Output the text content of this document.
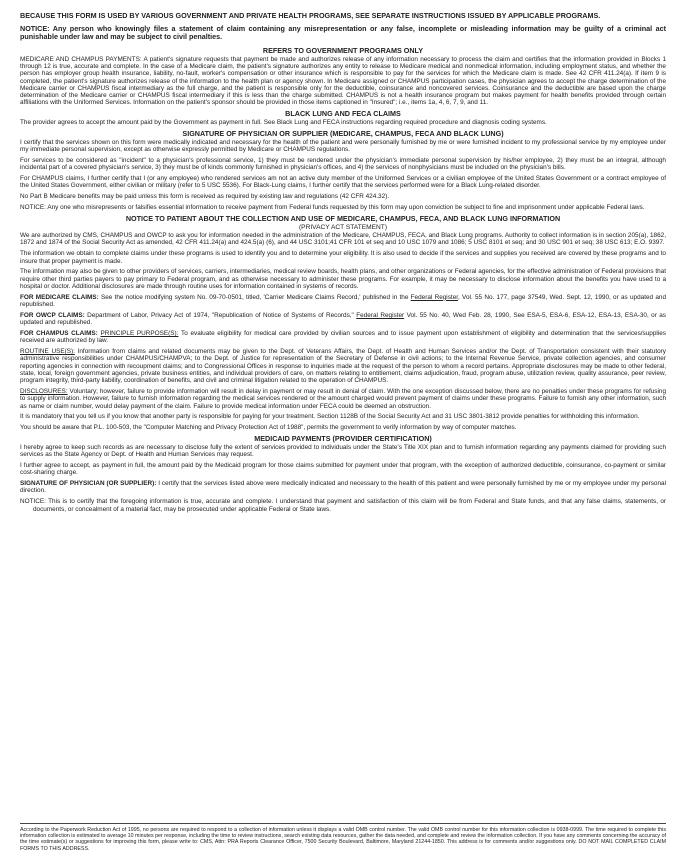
BECAUSE THIS FORM IS USED BY VARIOUS GOVERNMENT AND PRIVATE HEALTH PROGRAMS, SEE SEPARATE INSTRUCTIONS ISSUED BY APPLICABLE PROGRAMS.

NOTICE: Any person who knowingly files a statement of claim containing any misrepresentation or any false, incomplete or misleading information may be guilty of a criminal act punishable under law and may be subject to civil penalties.

REFERS TO GOVERNMENT PROGRAMS ONLY

MEDICARE AND CHAMPUS PAYMENTS: A patient's signature requests that payment be made and authorizes release of any information necessary to process the claim and certifies that the information provided in Blocks 1 through 12 is true, accurate and complete. In the case of a Medicare claim, the patient's signature authorizes any entity to release to Medicare medical and nonmedical information, including employment status, and whether the person has employer group health insurance, liability, no-fault, worker's compensation or other insurance which is responsible to pay for the services for which the Medicare claim is made. See 42 CFR 411.24(a). If item 9 is completed, the patient's signature authorizes release of the information to the health plan or agency shown. In Medicare assigned or CHAMPUS participation cases, the physician agrees to accept the charge determination of the Medicare carrier or CHAMPUS fiscal intermediary as the full charge, and the patient is responsible only for the deductible, coinsurance and noncovered services. Coinsurance and the deductible are based upon the charge determination of the Medicare carrier or CHAMPUS fiscal intermediary if this is less than the charge submitted. CHAMPUS is not a health insurance program but makes payment for health benefits provided through certain affiliations with the Uniformed Services. Information on the patient's sponsor should be provided in those items captioned in "Insured"; i.e., items 1a, 4, 6, 7, 9, and 11.

BLACK LUNG AND FECA CLAIMS

The provider agrees to accept the amount paid by the Government as payment in full. See Black Lung and FECA instructions regarding required procedure and diagnosis coding systems.

SIGNATURE OF PHYSICIAN OR SUPPLIER (MEDICARE, CHAMPUS, FECA AND BLACK LUNG)

I certify that the services shown on this form were medically indicated and necessary for the health of the patient and were personally furnished by me or were furnished incident to my professional service by my employee under my immediate personal supervision, except as otherwise expressly permitted by Medicare or CHAMPUS regulations.

For services to be considered as "incident" to a physician's professional service, 1) they must be rendered under the physician's immediate personal supervision by his/her employee, 2) they must be an integral, although incidental part of a covered physician's service, 3) they must be of kinds commonly furnished in physician's offices, and 4) the services of nonphysicians must be included on the physician's bills.

For CHAMPUS claims, I further certify that I (or any employee) who rendered services am not an active duty member of the Uniformed Services or a civilian employee of the United States Government or a contract employee of the United States Government, either civilian or military (refer to 5 USC 5536). For Black-Lung claims, I further certify that the services performed were for a Black Lung-related disorder.

No Part B Medicare benefits may be paid unless this form is received as required by existing law and regulations (42 CFR 424.32).

NOTICE: Any one who misrepresents or falsifies essential information to receive payment from Federal funds requested by this form may upon conviction be subject to fine and imprisonment under applicable Federal laws.

NOTICE TO PATIENT ABOUT THE COLLECTION AND USE OF MEDICARE, CHAMPUS, FECA, AND BLACK LUNG INFORMATION
(PRIVACY ACT STATEMENT)

We are authorized by CMS, CHAMPUS and OWCP to ask you for information needed in the administration of the Medicare, CHAMPUS, FECA, and Black Lung programs. Authority to collect information is in section 205(a), 1862, 1872 and 1874 of the Social Security Act as amended, 42 CFR 411.24(a) and 424.5(a) (6), and 44 USC 3101;41 CFR 101 et seq and 10 USC 1079 and 1086; 5 USC 8101 et seq; and 30 USC 901 et seq; 38 USC 613; E.O. 9397.

The information we obtain to complete claims under these programs is used to identify you and to determine your eligibility. It is also used to decide if the services and supplies you received are covered by these programs and to insure that proper payment is made.

The information may also be given to other providers of services, carriers, intermediaries, medical review boards, health plans, and other organizations or Federal agencies, for the effective administration of Federal provisions that require other third parties payers to pay primary to Federal program, and as otherwise necessary to administer these programs. For example, it may be necessary to disclose information about the benefits you have used to a hospital or doctor. Additional disclosures are made through routine uses for information contained in systems of records.

FOR MEDICARE CLAIMS: See the notice modifying system No. 09-70-0501, titled, 'Carrier Medicare Claims Record,' published in the Federal Register, Vol. 55 No. 177, page 37549, Wed. Sept. 12, 1990, or as updated and republished.

FOR OWCP CLAIMS: Department of Labor, Privacy Act of 1974, "Republication of Notice of Systems of Records," Federal Register Vol. 55 No. 40, Wed Feb. 28, 1990, See ESA-5, ESA-6, ESA-12, ESA-13, ESA-30, or as updated and republished.

FOR CHAMPUS CLAIMS: PRINCIPLE PURPOSE(S): To evaluate eligibility for medical care provided by civilian sources and to issue payment upon establishment of eligibility and determination that the services/supplies received are authorized by law.

ROUTINE USE(S): Information from claims and related documents may be given to the Dept. of Veterans Affairs, the Dept. of Health and Human Services and/or the Dept. of Transportation consistent with their statutory administrative responsibilities under CHAMPUS/CHAMPVA; to the Dept. of Justice for representation of the Secretary of Defense in civil actions; to the Internal Revenue Service, private collection agencies, and consumer reporting agencies in connection with recoupment claims; and to Congressional Offices in response to inquiries made at the request of the person to whom a record pertains. Appropriate disclosures may be made to other federal, state, local, foreign government agencies, private business entities, and individual providers of care, on matters relating to entitlement, claims adjudication, fraud, program abuse, utilization review, quality assurance, peer review, program integrity, third-party liability, coordination of benefits, and civil and criminal litigation related to the operation of CHAMPUS.

DISCLOSURES: Voluntary; however, failure to provide information will result in delay in payment or may result in denial of claim. With the one exception discussed below, there are no penalties under these programs for refusing to supply information. However, failure to furnish information regarding the medical services rendered or the amount charged would prevent payment of claims under these programs. Failure to furnish any other information, such as name or claim number, would delay payment of the claim. Failure to provide medical information under FECA could be deemed an obstruction.

It is mandatory that you tell us if you know that another party is responsible for paying for your treatment. Section 1128B of the Social Security Act and 31 USC 3801-3812 provide penalties for withholding this information.

You should be aware that P.L. 100-503, the "Computer Matching and Privacy Protection Act of 1988", permits the government to verify information by way of computer matches.

MEDICAID PAYMENTS (PROVIDER CERTIFICATION)

I hereby agree to keep such records as are necessary to disclose fully the extent of services provided to individuals under the State's Title XIX plan and to furnish information regarding any payments claimed for providing such services as the State Agency or Dept. of Health and Human Services may request.

I further agree to accept, as payment in full, the amount paid by the Medicaid program for those claims submitted for payment under that program, with the exception of authorized deductible, coinsurance, co-payment or similar cost-sharing charge.

SIGNATURE OF PHYSICIAN (OR SUPPLIER): I certify that the services listed above were medically indicated and necessary to the health of this patient and were personally furnished by me or my employee under my personal direction.

NOTICE: This is to certify that the foregoing information is true, accurate and complete. I understand that payment and satisfaction of this claim will be from Federal and State funds, and that any false claims, statements, or documents, or concealment of a material fact, may be prosecuted under applicable Federal or State laws.

According to the Paperwork Reduction Act of 1995, no persons are required to respond to a collection of information unless it displays a valid OMB control number. The valid OMB control number for this information collection is 0938-0999. The time required to complete this information collection is estimated to average 10 minutes per response, including the time to review instructions, search existing data resources, gather the data needed, and complete and review the information collection. If you have any comments concerning the accuracy of the time estimate(s) or suggestions for improving this form, please write to: CMS, Attn: PRA Reports Clearance Officer, 7500 Security Boulevard, Baltimore, Maryland 21244-1850. This address is for comments and/or suggestions only. DO NOT MAIL COMPLETED CLAIM FORMS TO THIS ADDRESS.
